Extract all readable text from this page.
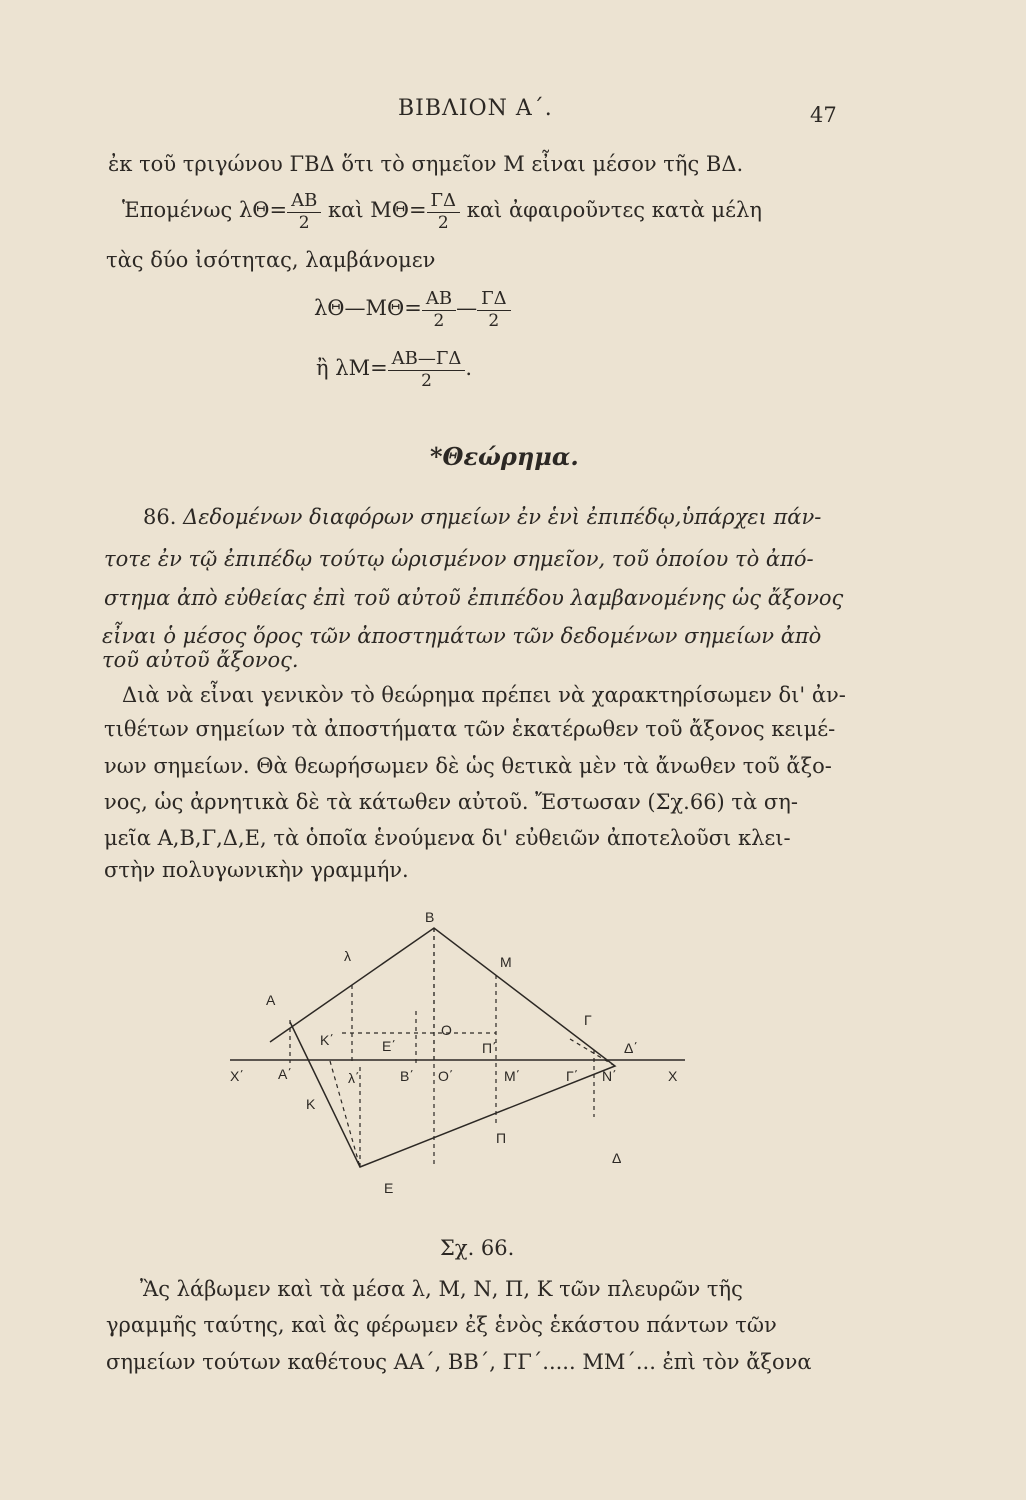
ΒΙΒΛΙΟΝ Α΄.	47
ἐκ τοῦ τριγώνου ΓΒΔ ὅτι τὸ σημεῖον Μ εἶναι μέσον τῆς ΒΔ.
Ἑπομένως $\lambda\Theta= \frac{AB}{2}$ καὶ $M\Theta= \frac{\Gamma\Delta}{2}$ καὶ ἀφαιροῦντες κατὰ μέλη
τὰς δύο ἰσότητας, λαμβάνομεν
λΘ—ΜΘ= $\frac{AB}{2}$ — $\frac{\Gamma\Delta}{2}$
ἢ $\lambda M= \frac{AB—\Gamma\Delta}{2}$ .
*Θεώρημα.
86. Δεδομένων διαφόρων σημείων ἐν ἑνὶ ἐπιπέδῳ,ὑπάρχει πάν-
τοτε ἐν τῷ ἐπιπέδῳ τούτῳ ὡρισμένον σημεῖον, τοῦ ὁποίου τὸ ἀπό-
στημα ἀπὸ εὐθείας ἐπὶ τοῦ αὐτοῦ ἐπιπέδου λαμβανομένης ὡς ἄξονος
εἶναι ὁ μέσος ὅρος τῶν ἀποστημάτων τῶν δεδομένων σημείων ἀπὸ
τοῦ αὐτοῦ ἄξονος.
Διὰ νὰ εἶναι γενικὸν τὸ θεώρημα πρέπει νὰ χαρακτηρίσωμεν δι' ἀν-
τιθέτων σημείων τὰ ἀποστήματα τῶν ἑκατέρωθεν τοῦ ἄξονος κειμέ-
νων σημείων. Θὰ θεωρήσωμεν δὲ ὡς θετικὰ μὲν τὰ ἄνωθεν τοῦ ἄξο-
νος, ὡς ἀρνητικὰ δὲ τὰ κάτωθεν αὐτοῦ. Ἔστωσαν (Σχ.66) τὰ ση-
μεῖα Α,Β,Γ,Δ,Ε, τὰ ὁποῖα ἑνούμενα δι' εὐθειῶν ἀποτελοῦσι κλει-
στὴν πολυγωνικὴν γραμμήν.
B
λ	M
A
Γ
O
K΄	E΄	Π΄	Δ΄
X΄ A΄	λ΄	B΄ O΄	M΄	Γ΄ N΄	X
K
Δ
Π
E
Σχ. 66.
Ἂς λάβωμεν καὶ τὰ μέσα λ, Μ, Ν, Π, Κ τῶν πλευρῶν τῆς
γραμμῆς ταύτης, καὶ ἂς φέρωμεν ἐξ ἑνὸς ἑκάστου πάντων τῶν
σημείων τούτων καθέτους ΑΑ΄, ΒΒ΄, ΓΓ΄..... ΜΜ΄... ἐπὶ τὸν ἄξονα
